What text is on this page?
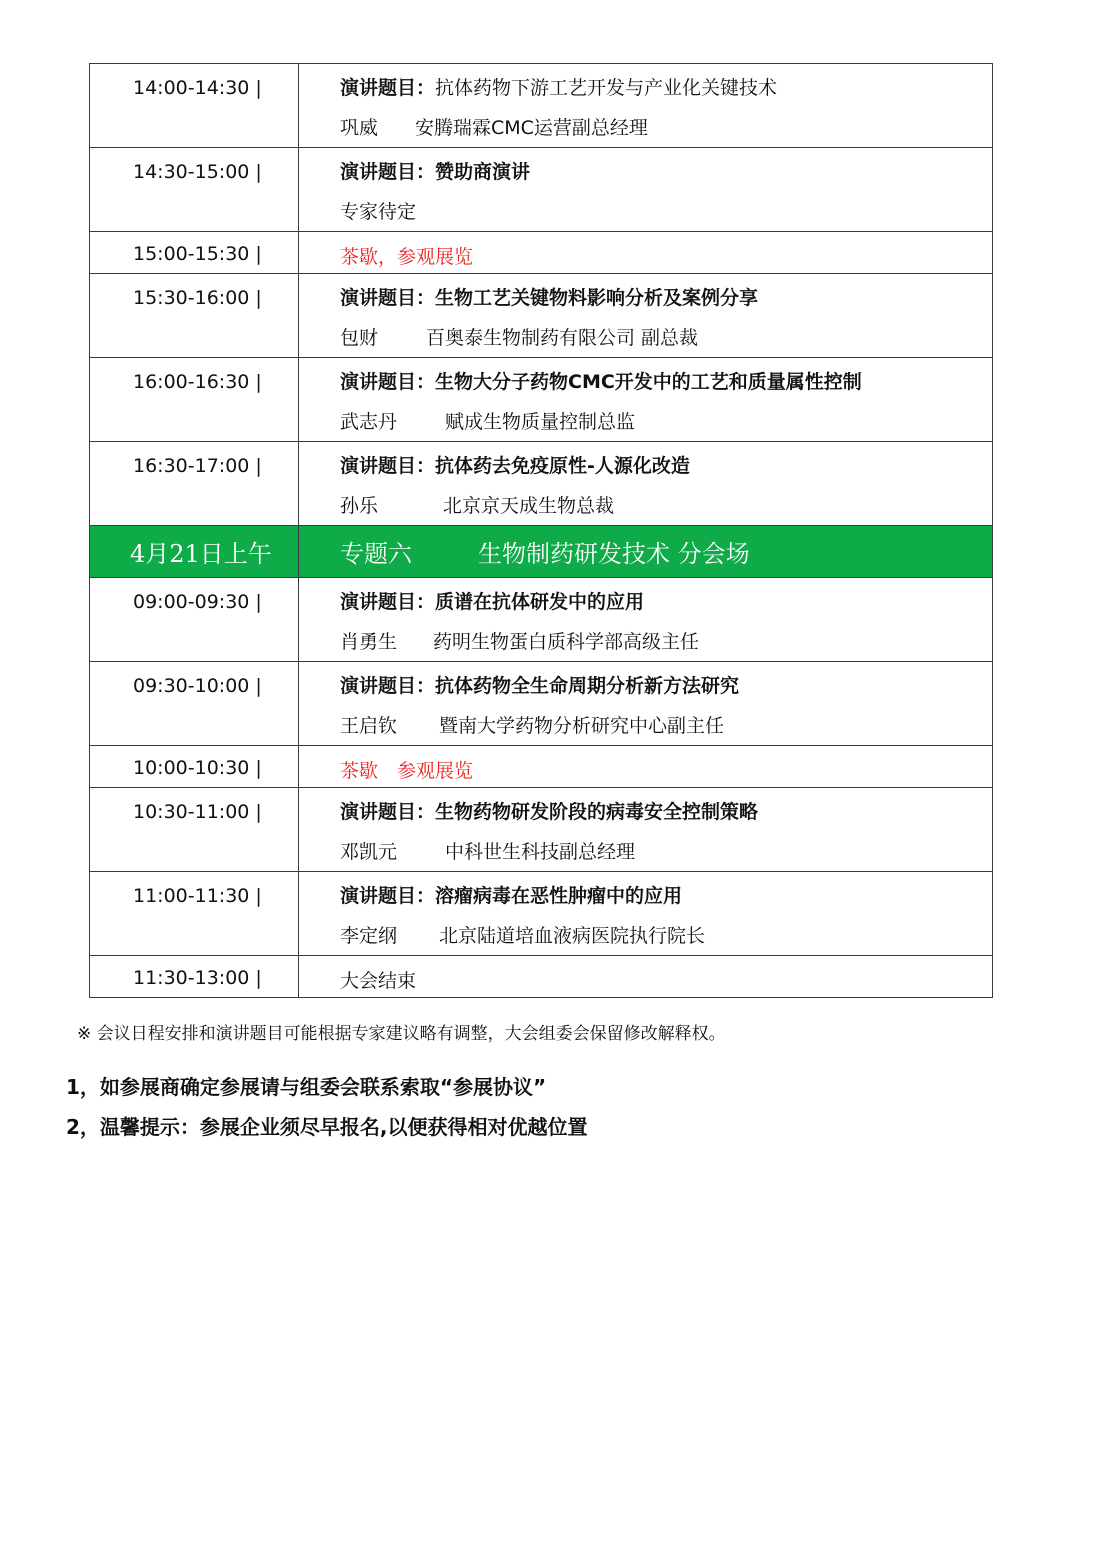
14:00-14:30 |	演讲题目：抗体药物下游工艺开发与产业化关键技术
巩威 安腾瑞霖CMC运营副总经理

14:30-15:00 |	演讲题目：赞助商演讲
专家待定

15:00-15:30 |	茶歇，参观展览
15:30-16:00 |	演讲题目：生物工艺关键物料影响分析及案例分享
包财 百奥泰生物制药有限公司 副总裁

16:00-16:30 |	演讲题目：生物大分子药物CMC开发中的工艺和质量属性控制
武志丹 赋成生物质量控制总监

16:30-17:00 |	演讲题目：抗体药去免疫原性-人源化改造
孙乐 北京京天成生物总裁

4月21日上午	专题六 生物制药研发技术 分会场
09:00-09:30 |	演讲题目：质谱在抗体研发中的应用
肖勇生 药明生物蛋白质科学部高级主任

09:30-10:00 |	演讲题目：抗体药物全生命周期分析新方法研究
王启钦 暨南大学药物分析研究中心副主任

10:00-10:30 |	茶歇　参观展览
10:30-11:00 |	演讲题目：生物药物研发阶段的病毒安全控制策略
邓凯元 中科世生科技副总经理

11:00-11:30 |	演讲题目：溶瘤病毒在恶性肿瘤中的应用
李定纲 北京陆道培血液病医院执行院长

11:30-13:00 |	大会结束
※ 会议日程安排和演讲题目可能根据专家建议略有调整，大会组委会保留修改解释权。
1，如参展商确定参展请与组委会联系索取“参展协议”
2，温馨提示：参展企业须尽早报名,以便获得相对优越位置
